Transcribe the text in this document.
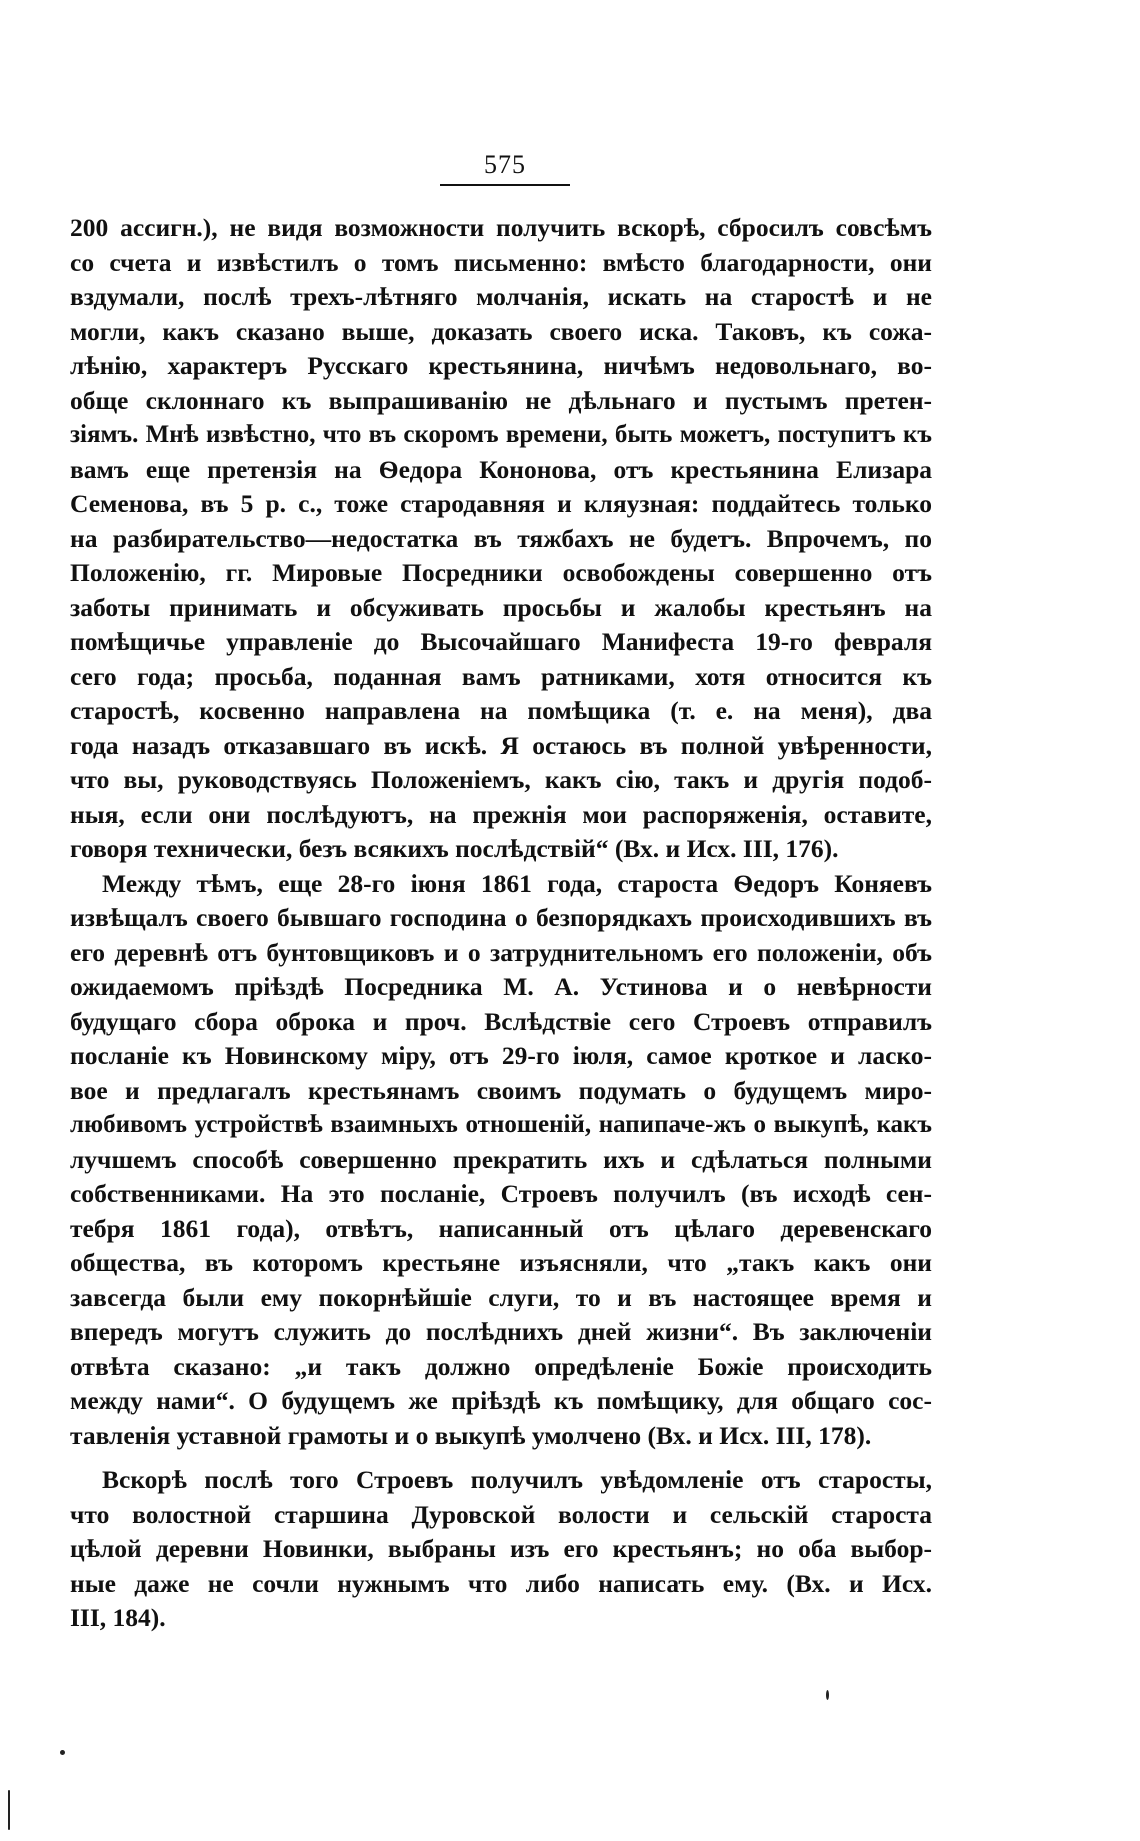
575
200 ассигн.), не видя возможности получить вскорѣ, сбросилъ совсѣмъ
со счета и извѣстилъ о томъ письменно: вмѣсто благодарности, они
вздумали, послѣ трехъ-лѣтняго молчанія, искать на старостѣ и не
могли, какъ сказано выше, доказать своего иска. Таковъ, къ сожа-
лѣнію, характеръ Русскаго крестьянина, ничѣмъ недовольнаго, во-
обще склоннаго къ выпрашиванію не дѣльнаго и пустымъ претен-
зіямъ. Мнѣ извѣстно, что въ скоромъ времени, быть можетъ, поступитъ къ
вамъ еще претензія на Ѳедора Кононова, отъ крестьянина Елизара
Семенова, въ 5 р. с., тоже стародавняя и кляузная: поддайтесь только
на разбирательство—недостатка въ тяжбахъ не будетъ. Впрочемъ, по
Положенію, гг. Мировые Посредники освобождены совершенно отъ
заботы принимать и обсуживать просьбы и жалобы крестьянъ на
помѣщичье управленіе до Высочайшаго Манифеста 19-го февраля
сего года; просьба, поданная вамъ ратниками, хотя относится къ
старостѣ, косвенно направлена на помѣщика (т. е. на меня), два
года назадъ отказавшаго въ искѣ. Я остаюсь въ полной увѣренности,
что вы, руководствуясь Положеніемъ, какъ сію, такъ и другія подоб-
ныя, если они послѣдуютъ, на прежнія мои распоряженія, оставите,
говоря технически, безъ всякихъ послѣдствій“ (Вх. и Исх. III, 176).
Между тѣмъ, еще 28-го іюня 1861 года, староста Ѳедоръ Коняевъ
извѣщалъ своего бывшаго господина о безпорядкахъ происходившихъ въ
его деревнѣ отъ бунтовщиковъ и о затруднительномъ его положеніи, объ
ожидаемомъ пріѣздѣ Посредника М. А. Устинова и о невѣрности
будущаго сбора оброка и проч. Вслѣдствіе сего Строевъ отправилъ
посланіе къ Новинскому міру, отъ 29-го іюля, самое кроткое и ласко-
вое и предлагалъ крестьянамъ своимъ подумать о будущемъ миро-
любивомъ устройствѣ взаимныхъ отношеній, напипаче-жъ о выкупѣ, какъ
лучшемъ способѣ совершенно прекратить ихъ и сдѣлаться полными
собственниками. На это посланіе, Строевъ получилъ (въ исходѣ сен-
тебря 1861 года), отвѣтъ, написанный отъ цѣлаго деревенскаго
общества, въ которомъ крестьяне изъясняли, что „такъ какъ они
завсегда были ему покорнѣйшіе слуги, то и въ настоящее время и
впередъ могутъ служить до послѣднихъ дней жизни“. Въ заключеніи
отвѣта сказано: „и такъ должно опредѣленіе Божіе происходить
между нами“. О будущемъ же пріѣздѣ къ помѣщику, для общаго сос-
тавленія уставной грамоты и о выкупѣ умолчено (Вх. и Исх. III, 178).
Вскорѣ послѣ того Строевъ получилъ увѣдомленіе отъ старосты,
что волостной старшина Дуровской волости и сельскій староста
цѣлой деревни Новинки, выбраны изъ его крестьянъ; но оба выбор-
ные даже не сочли нужнымъ что либо написать ему. (Вх. и Исх.
III, 184).
